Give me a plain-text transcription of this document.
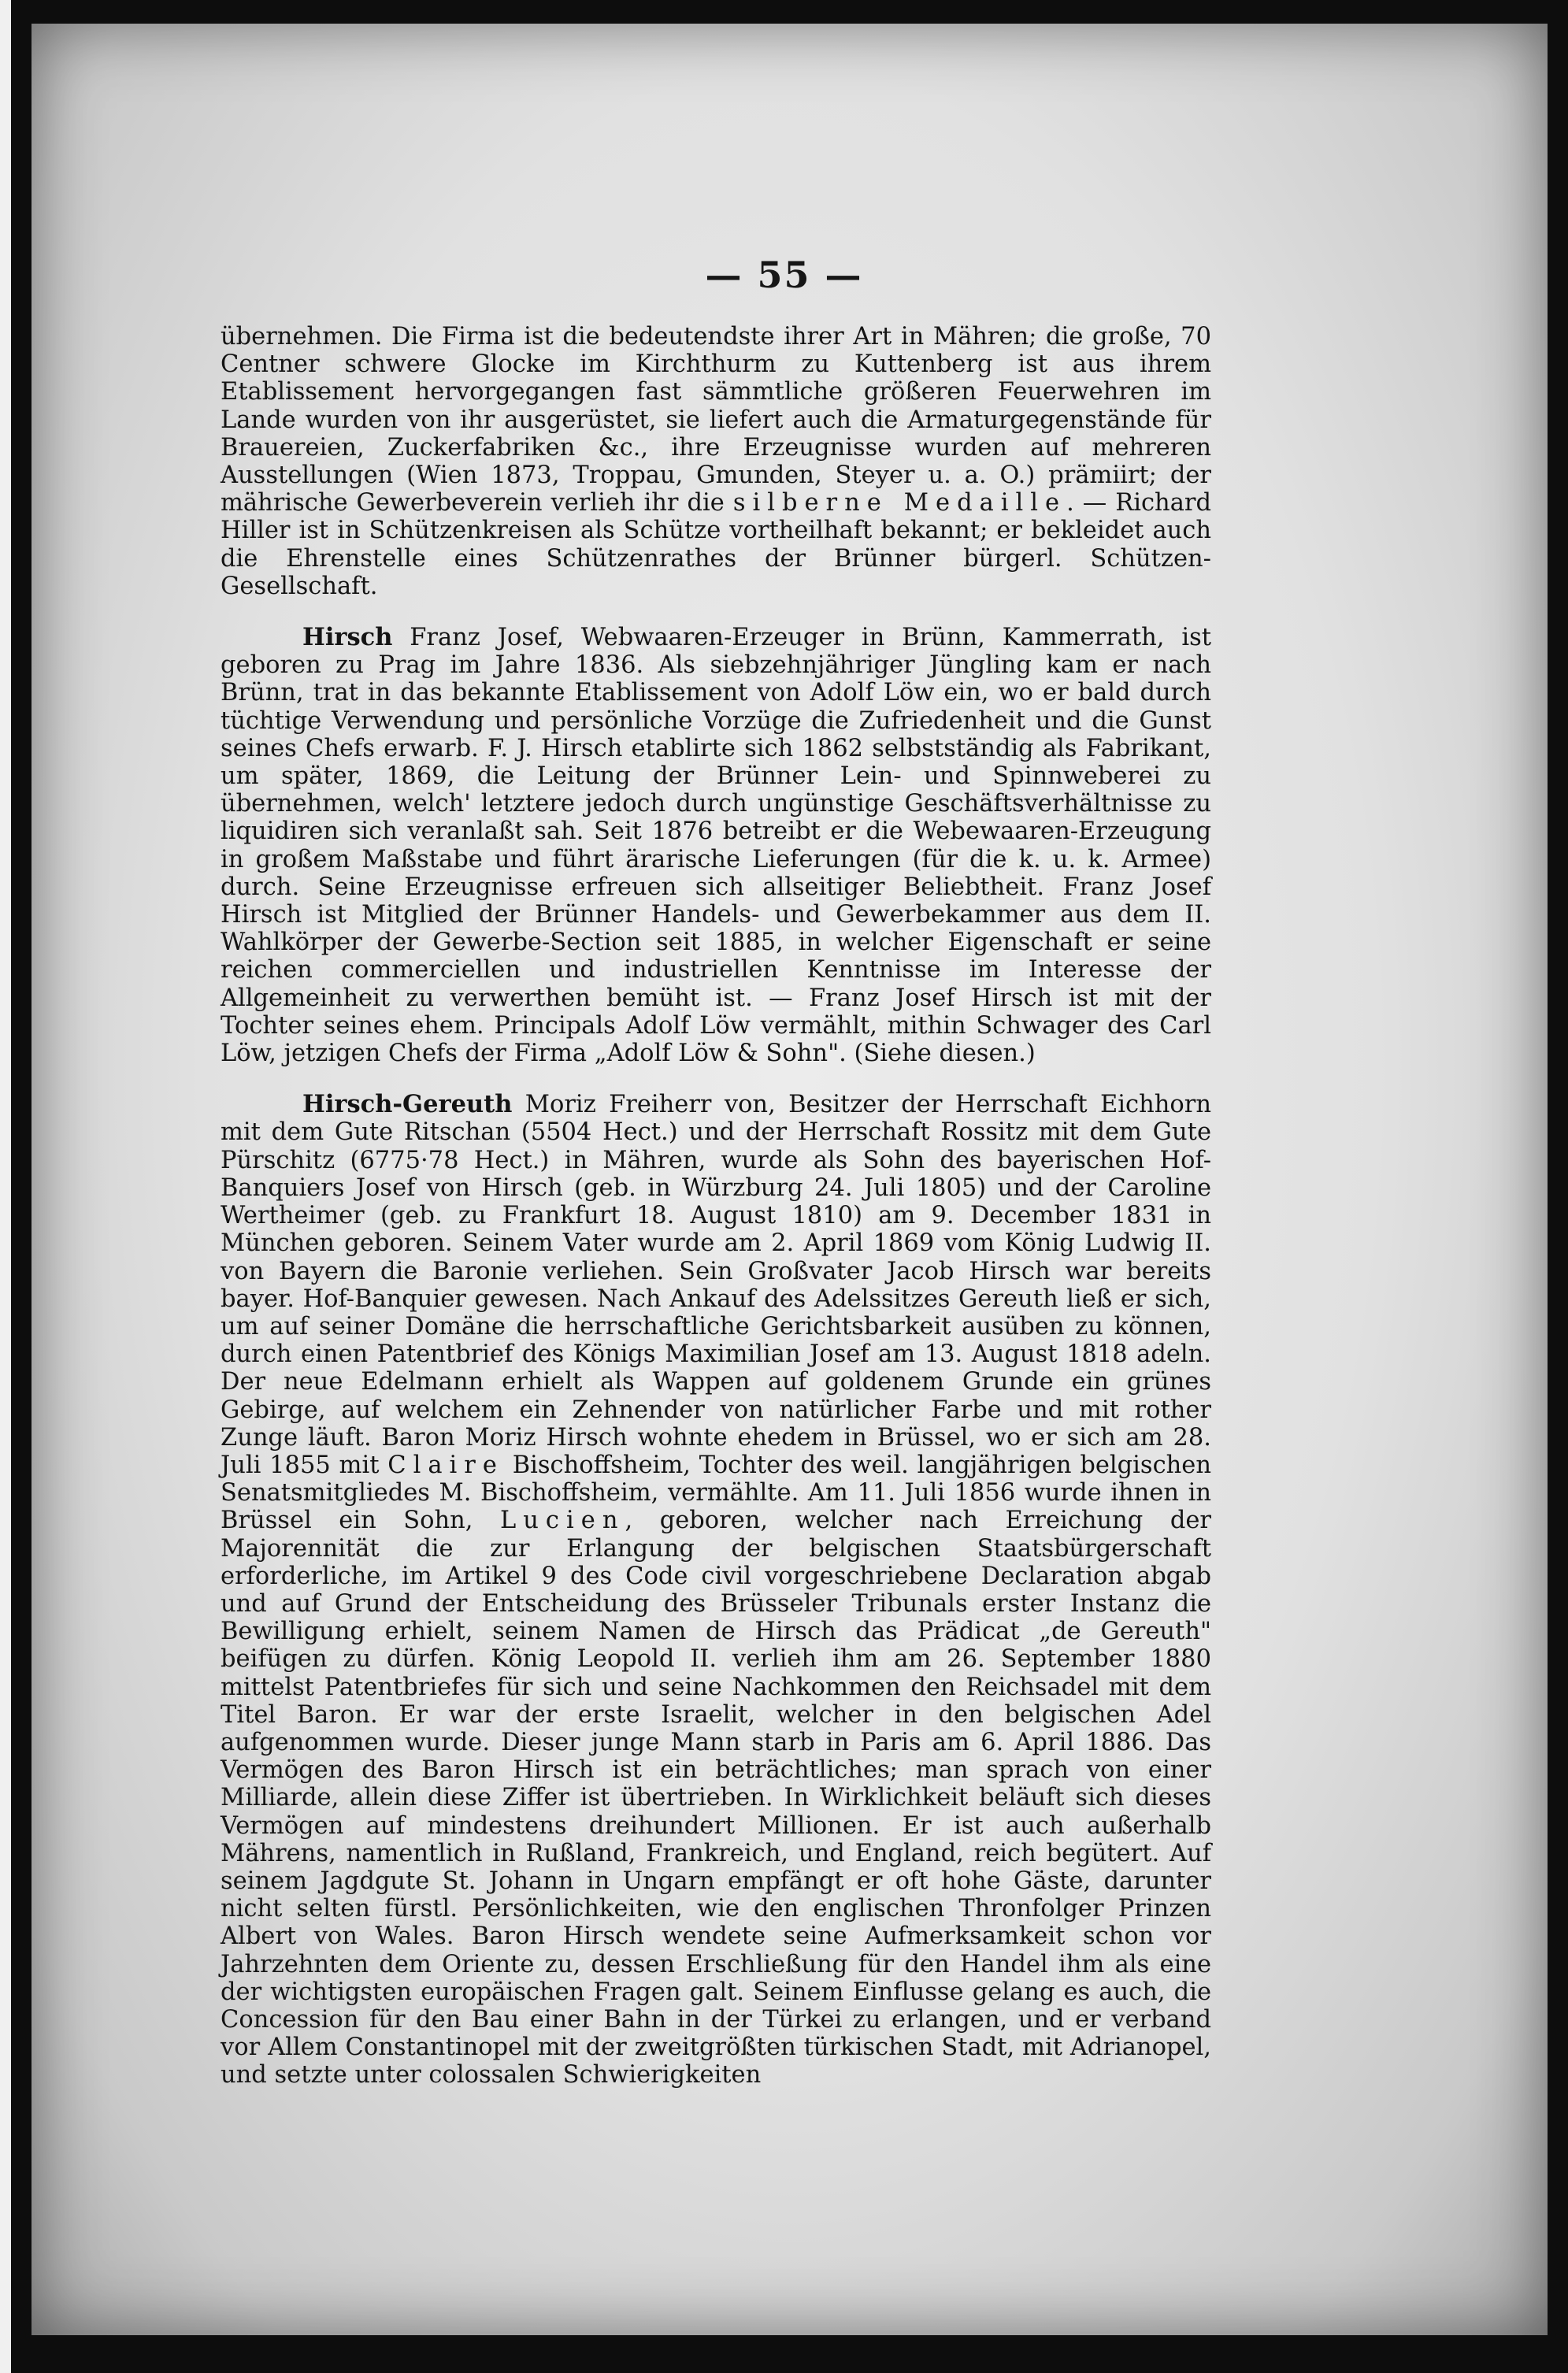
— 55 —

übernehmen. Die Firma ist die bedeutendste ihrer Art in Mähren; die große, 70 Centner schwere Glocke im Kirchthurm zu Kuttenberg ist aus ihrem Etablissement hervorgegangen fast sämmtliche größeren Feuerwehren im Lande wurden von ihr ausgerüstet, sie liefert auch die Armaturgegenstände für Brauereien, Zuckerfabriken &c., ihre Erzeugnisse wurden auf mehreren Ausstellungen (Wien 1873, Troppau, Gmunden, Steyer u. a. O.) prämiirt; der mährische Gewerbeverein verlieh ihr die silberne Medaille. — Richard Hiller ist in Schützenkreisen als Schütze vortheilhaft bekannt; er bekleidet auch die Ehrenstelle eines Schützenrathes der Brünner bürgerl. Schützen-Gesellschaft.

Hirsch Franz Josef, Webwaaren-Erzeuger in Brünn, Kammerrath, ist geboren zu Prag im Jahre 1836. Als siebzehnjähriger Jüngling kam er nach Brünn, trat in das bekannte Etablissement von Adolf Löw ein, wo er bald durch tüchtige Verwendung und persönliche Vorzüge die Zufriedenheit und die Gunst seines Chefs erwarb. F. J. Hirsch etablirte sich 1862 selbstständig als Fabrikant, um später, 1869, die Leitung der Brünner Lein- und Spinnweberei zu übernehmen, welch' letztere jedoch durch ungünstige Geschäftsverhältnisse zu liquidiren sich veranlaßt sah. Seit 1876 betreibt er die Webewaaren-Erzeugung in großem Maßstabe und führt ärarische Lieferungen (für die k. u. k. Armee) durch. Seine Erzeugnisse erfreuen sich allseitiger Beliebtheit. Franz Josef Hirsch ist Mitglied der Brünner Handels- und Gewerbekammer aus dem II. Wahlkörper der Gewerbe-Section seit 1885, in welcher Eigenschaft er seine reichen commerciellen und industriellen Kenntnisse im Interesse der Allgemeinheit zu verwerthen bemüht ist. — Franz Josef Hirsch ist mit der Tochter seines ehem. Principals Adolf Löw vermählt, mithin Schwager des Carl Löw, jetzigen Chefs der Firma „Adolf Löw & Sohn". (Siehe diesen.)

Hirsch-Gereuth Moriz Freiherr von, Besitzer der Herrschaft Eichhorn mit dem Gute Ritschan (5504 Hect.) und der Herrschaft Rossitz mit dem Gute Pürschitz (6775·78 Hect.) in Mähren, wurde als Sohn des bayerischen Hof-Banquiers Josef von Hirsch (geb. in Würzburg 24. Juli 1805) und der Caroline Wertheimer (geb. zu Frankfurt 18. August 1810) am 9. December 1831 in München geboren. Seinem Vater wurde am 2. April 1869 vom König Ludwig II. von Bayern die Baronie verliehen. Sein Großvater Jacob Hirsch war bereits bayer. Hof-Banquier gewesen. Nach Ankauf des Adelssitzes Gereuth ließ er sich, um auf seiner Domäne die herrschaftliche Gerichtsbarkeit ausüben zu können, durch einen Patentbrief des Königs Maximilian Josef am 13. August 1818 adeln. Der neue Edelmann erhielt als Wappen auf goldenem Grunde ein grünes Gebirge, auf welchem ein Zehnender von natürlicher Farbe und mit rother Zunge läuft. Baron Moriz Hirsch wohnte ehedem in Brüssel, wo er sich am 28. Juli 1855 mit Claire Bischoffsheim, Tochter des weil. langjährigen belgischen Senatsmitgliedes M. Bischoffsheim, vermählte. Am 11. Juli 1856 wurde ihnen in Brüssel ein Sohn, Lucien, geboren, welcher nach Erreichung der Majorennität die zur Erlangung der belgischen Staatsbürgerschaft erforderliche, im Artikel 9 des Code civil vorgeschriebene Declaration abgab und auf Grund der Entscheidung des Brüsseler Tribunals erster Instanz die Bewilligung erhielt, seinem Namen de Hirsch das Prädicat „de Gereuth" beifügen zu dürfen. König Leopold II. verlieh ihm am 26. September 1880 mittelst Patentbriefes für sich und seine Nachkommen den Reichsadel mit dem Titel Baron. Er war der erste Israelit, welcher in den belgischen Adel aufgenommen wurde. Dieser junge Mann starb in Paris am 6. April 1886. Das Vermögen des Baron Hirsch ist ein beträchtliches; man sprach von einer Milliarde, allein diese Ziffer ist übertrieben. In Wirklichkeit beläuft sich dieses Vermögen auf mindestens dreihundert Millionen. Er ist auch außerhalb Mährens, namentlich in Rußland, Frankreich, und England, reich begütert. Auf seinem Jagdgute St. Johann in Ungarn empfängt er oft hohe Gäste, darunter nicht selten fürstl. Persönlichkeiten, wie den englischen Thronfolger Prinzen Albert von Wales. Baron Hirsch wendete seine Aufmerksamkeit schon vor Jahrzehnten dem Oriente zu, dessen Erschließung für den Handel ihm als eine der wichtigsten europäischen Fragen galt. Seinem Einflusse gelang es auch, die Concession für den Bau einer Bahn in der Türkei zu erlangen, und er verband vor Allem Constantinopel mit der zweitgrößten türkischen Stadt, mit Adrianopel, und setzte unter colossalen Schwierigkeiten
